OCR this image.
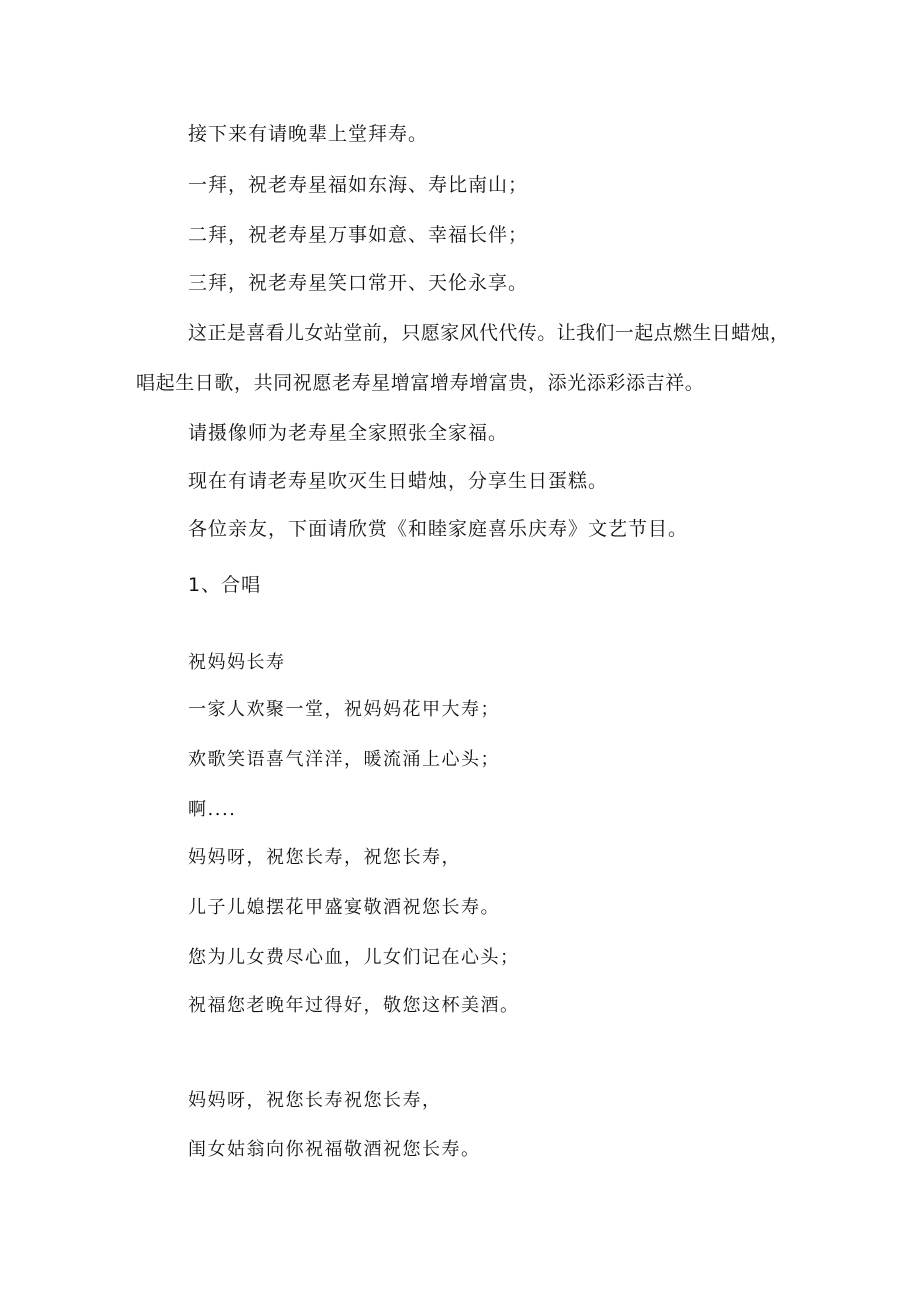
接下来有请晚辈上堂拜寿。
一拜，祝老寿星福如东海、寿比南山；
二拜，祝老寿星万事如意、幸福长伴；
三拜，祝老寿星笑口常开、天伦永享。
这正是喜看儿女站堂前，只愿家风代代传。让我们一起点燃生日蜡烛，
唱起生日歌，共同祝愿老寿星增富增寿增富贵，添光添彩添吉祥。
请摄像师为老寿星全家照张全家福。
现在有请老寿星吹灭生日蜡烛，分享生日蛋糕。
各位亲友，下面请欣赏《和睦家庭喜乐庆寿》文艺节目。
1、合唱
祝妈妈长寿
一家人欢聚一堂，祝妈妈花甲大寿；
欢歌笑语喜气洋洋，暖流涌上心头；
啊....
妈妈呀，祝您长寿，祝您长寿，
儿子儿媳摆花甲盛宴敬酒祝您长寿。
您为儿女费尽心血，儿女们记在心头；
祝福您老晚年过得好，敬您这杯美酒。
妈妈呀，祝您长寿祝您长寿，
闺女姑翁向你祝福敬酒祝您长寿。
